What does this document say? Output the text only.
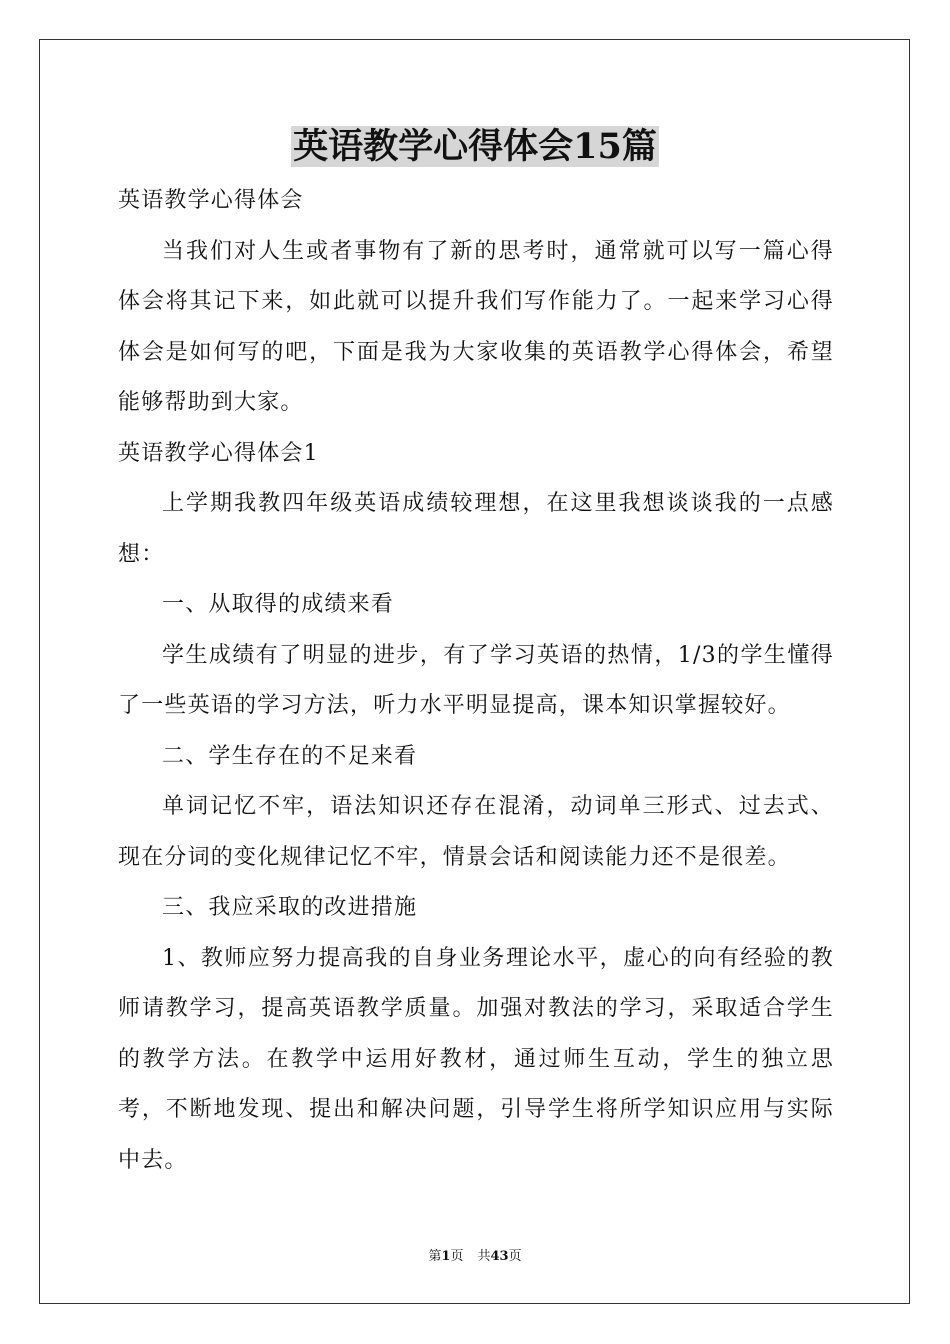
英语教学心得体会15篇

英语教学心得体会

当我们对人生或者事物有了新的思考时，通常就可以写一篇心得体会将其记下来，如此就可以提升我们写作能力了。一起来学习心得体会是如何写的吧，下面是我为大家收集的英语教学心得体会，希望能够帮助到大家。

英语教学心得体会1

上学期我教四年级英语成绩较理想，在这里我想谈谈我的一点感想：

一、从取得的成绩来看

学生成绩有了明显的进步，有了学习英语的热情，1/3的学生懂得了一些英语的学习方法，听力水平明显提高，课本知识掌握较好。

二、学生存在的不足来看

单词记忆不牢，语法知识还存在混淆，动词单三形式、过去式、现在分词的变化规律记忆不牢，情景会话和阅读能力还不是很差。

三、我应采取的改进措施

1、教师应努力提高我的自身业务理论水平，虚心的向有经验的教师请教学习，提高英语教学质量。加强对教法的学习，采取适合学生的教学方法。在教学中运用好教材，通过师生互动，学生的独立思考，不断地发现、提出和解决问题，引导学生将所学知识应用与实际中去。

第1页 共43页
